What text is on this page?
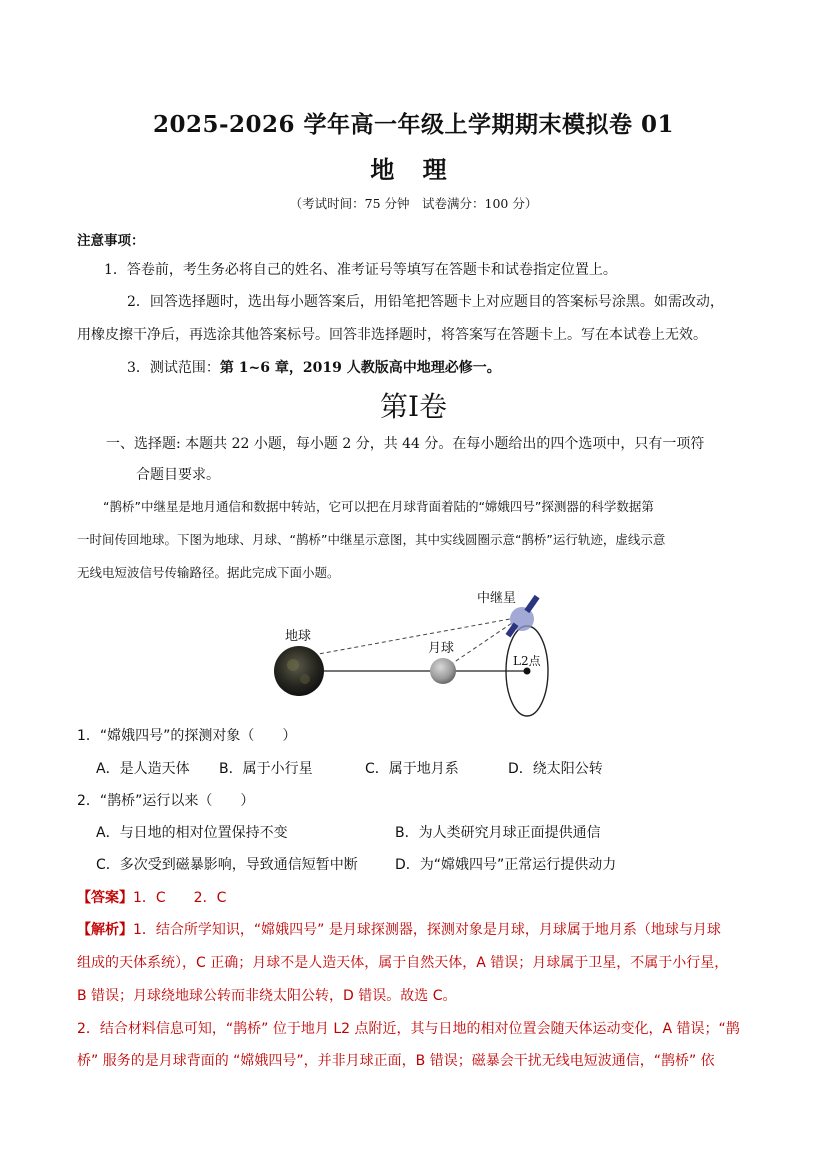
2025-2026 学年高一年级上学期期末模拟卷 01
地 理
（考试时间：75 分钟　试卷满分：100 分）
注意事项：
1．答卷前，考生务必将自己的姓名、准考证号等填写在答题卡和试卷指定位置上。
2．回答选择题时，选出每小题答案后，用铅笔把答题卡上对应题目的答案标号涂黑。如需改动，
用橡皮擦干净后，再选涂其他答案标号。回答非选择题时，将答案写在答题卡上。写在本试卷上无效。
3．测试范围：第 1~6 章，2019 人教版高中地理必修一。
第I卷
一、选择题: 本题共 22 小题，每小题 2 分，共 44 分。在每小题给出的四个选项中，只有一项符
合题目要求。
“鹊桥”中继星是地月通信和数据中转站，它可以把在月球背面着陆的“嫦娥四号”探测器的科学数据第
一时间传回地球。下图为地球、月球、“鹊桥”中继星示意图，其中实线圆圈示意“鹊桥”运行轨迹，虚线示意
无线电短波信号传输路径。据此完成下面小题。
地球
月球
中继星
L2点
1．“嫦娥四号”的探测对象（　　）
A．是人造天体 B．属于小行星	C．属于地月系	D．绕太阳公转
2．“鹊桥”运行以来（　　）
A．与日地的相对位置保持不变	B．为人类研究月球正面提供通信
C．多次受到磁暴影响，导致通信短暂中断	D．为“嫦娥四号”正常运行提供动力
【答案】1．C　　2．C
【解析】1．结合所学知识，“嫦娥四号” 是月球探测器，探测对象是月球，月球属于地月系（地球与月球
组成的天体系统），C 正确；月球不是人造天体，属于自然天体，A 错误；月球属于卫星，不属于小行星，
B 错误；月球绕地球公转而非绕太阳公转，D 错误。故选 C。
2．结合材料信息可知，“鹊桥” 位于地月 L2 点附近，其与日地的相对位置会随天体运动变化，A 错误；“鹊
桥” 服务的是月球背面的 “嫦娥四号”，并非月球正面，B 错误；磁暴会干扰无线电短波通信，“鹊桥” 依
